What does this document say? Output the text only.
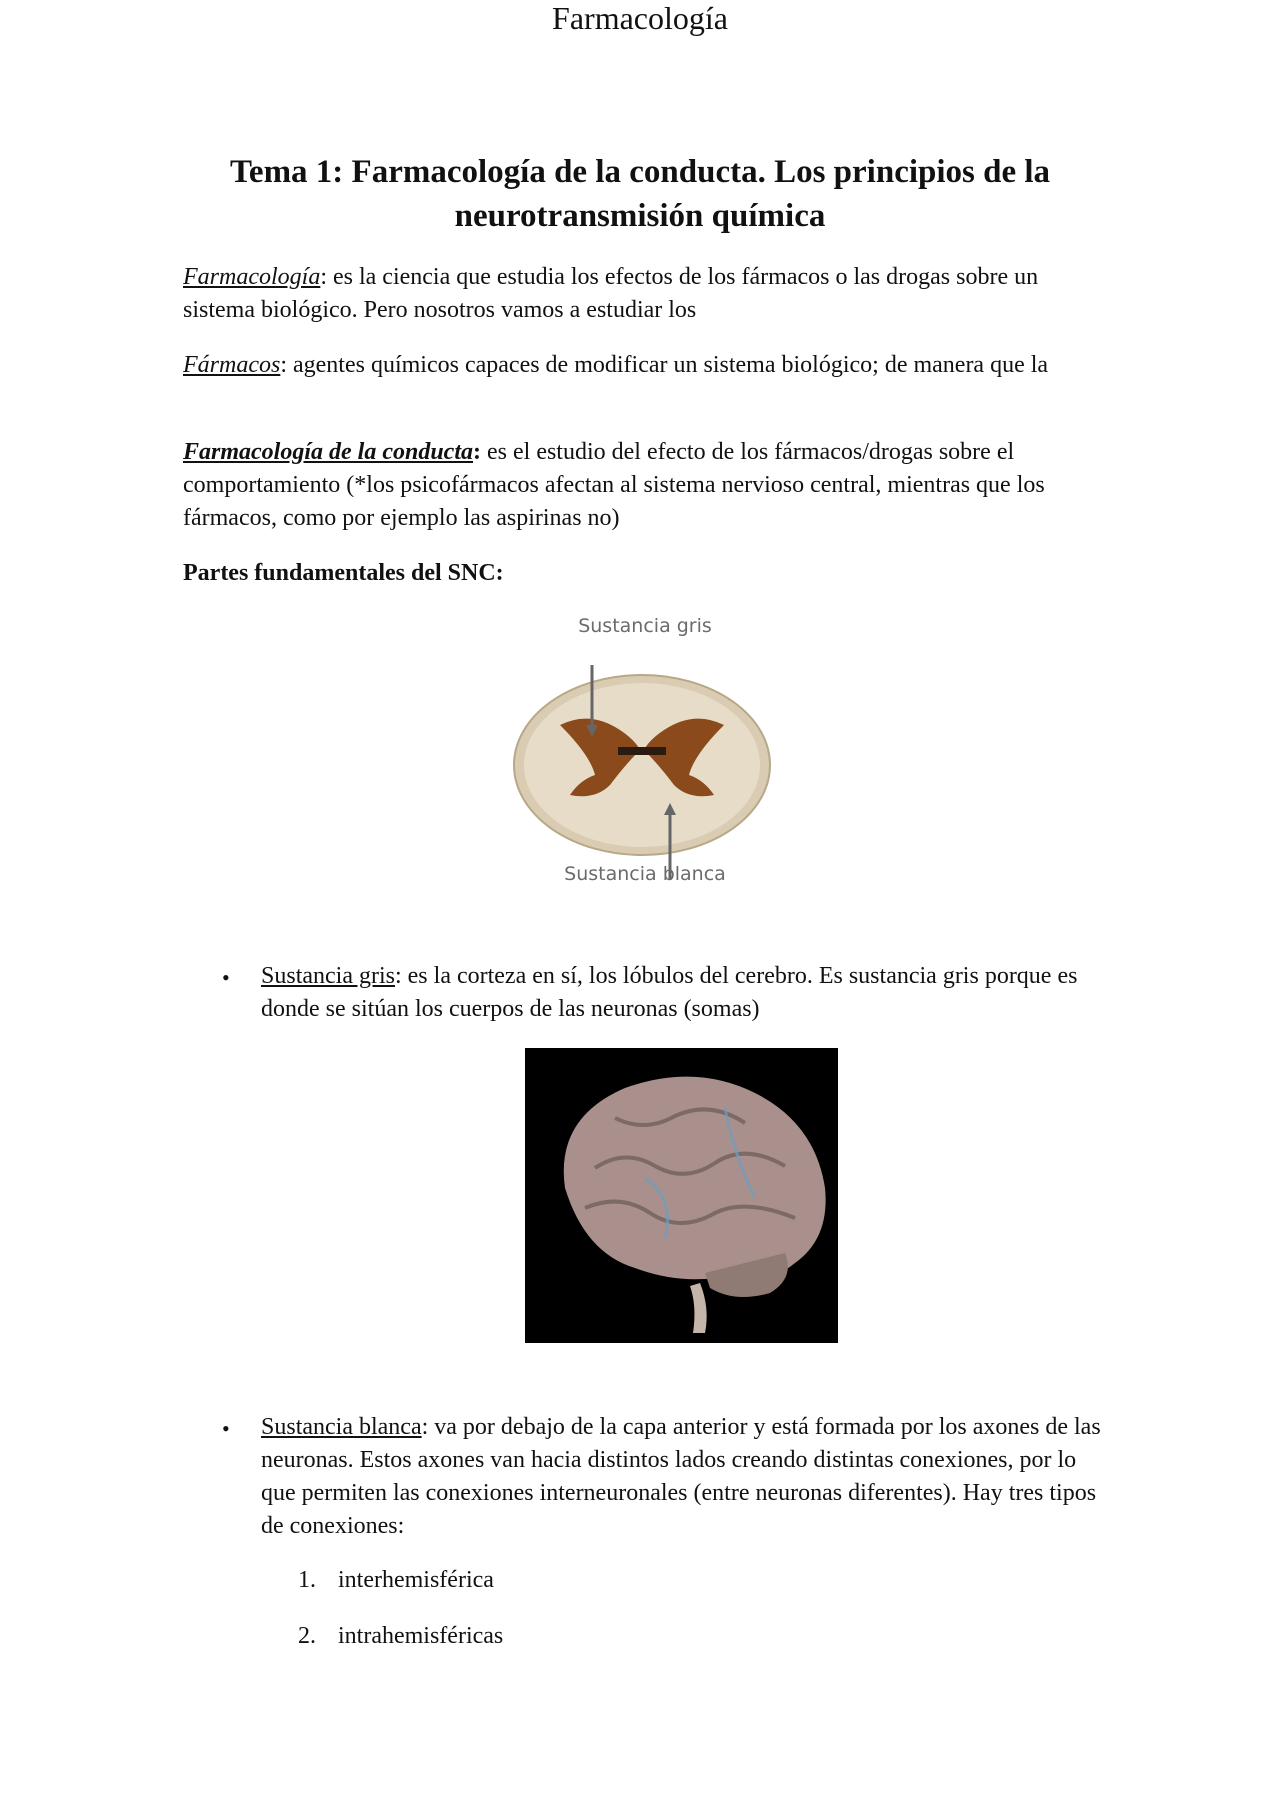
Farmacología
Tema 1: Farmacología de la conducta. Los principios de la
neurotransmisión química
Farmacología: es la ciencia que estudia los efectos de los fármacos o las drogas sobre un sistema biológico. Pero nosotros vamos a estudiar los
Fármacos: agentes químicos capaces de modificar un sistema biológico; de manera que la
Farmacología de la conducta: es el estudio del efecto de los fármacos/drogas sobre el comportamiento (*los psicofármacos afectan al sistema nervioso central, mientras que los fármacos, como por ejemplo las aspirinas no)
Partes fundamentales del SNC:
Sustancia gris
Sustancia blanca
• Sustancia gris: es la corteza en sí, los lóbulos del cerebro. Es sustancia gris porque es donde se sitúan los cuerpos de las neuronas (somas)
• Sustancia blanca: va por debajo de la capa anterior y está formada por los axones de las neuronas. Estos axones van hacia distintos lados creando distintas conexiones, por lo que permiten las conexiones interneuronales (entre neuronas diferentes). Hay tres tipos de conexiones:
1. interhemisférica
2. intrahemisféricas
